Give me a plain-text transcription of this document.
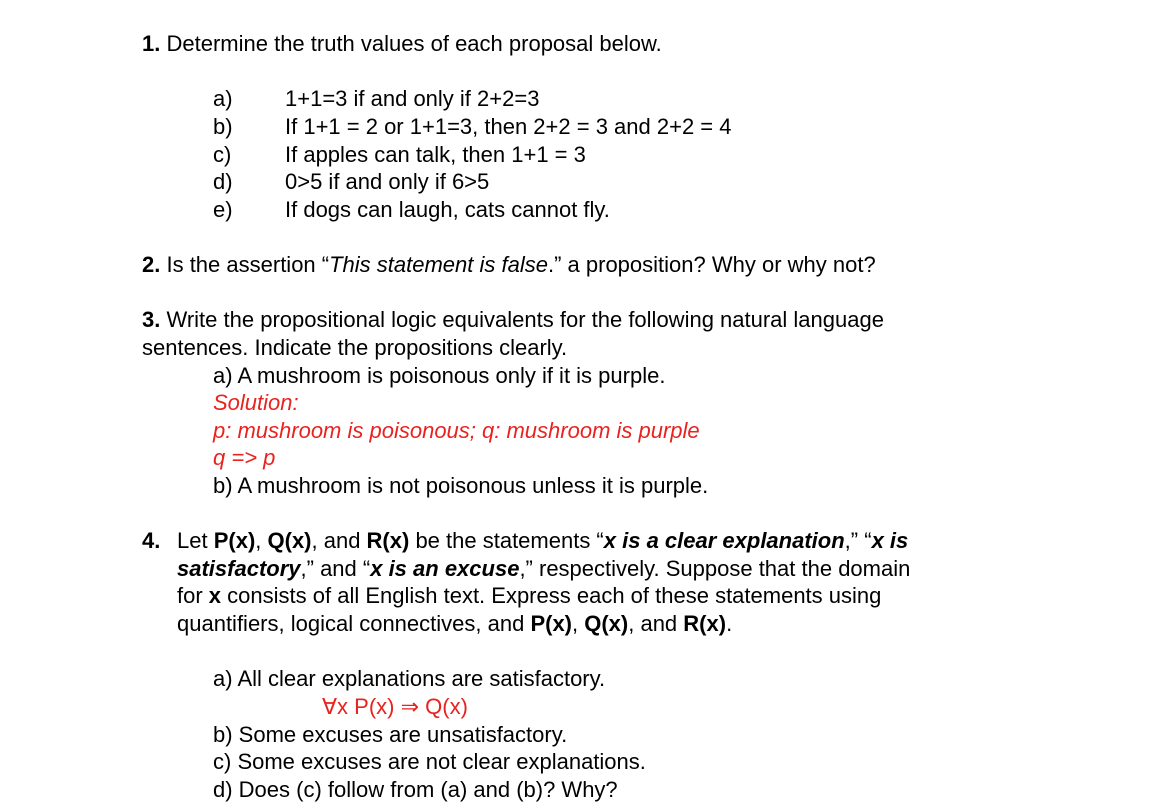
1. Determine the truth values of each proposal below.
a) 1+1=3 if and only if 2+2=3
b) If 1+1 = 2 or 1+1=3, then 2+2 = 3 and 2+2 = 4
c) If apples can talk, then 1+1 = 3
d) 0>5 if and only if 6>5
e) If dogs can laugh, cats cannot fly.
2. Is the assertion “This statement is false.” a proposition? Why or why not?
3. Write the propositional logic equivalents for the following natural language
sentences. Indicate the propositions clearly.
a) A mushroom is poisonous only if it is purple.
Solution:
p: mushroom is poisonous; q: mushroom is purple
q => p
b) A mushroom is not poisonous unless it is purple.
4. Let P(x), Q(x), and R(x) be the statements “x is a clear explanation,” “x is
satisfactory,” and “x is an excuse,” respectively. Suppose that the domain
for x consists of all English text. Express each of these statements using
quantifiers, logical connectives, and P(x), Q(x), and R(x).
a) All clear explanations are satisfactory.
∀x P(x) ⇒ Q(x)
b) Some excuses are unsatisfactory.
c) Some excuses are not clear explanations.
d) Does (c) follow from (a) and (b)? Why?
